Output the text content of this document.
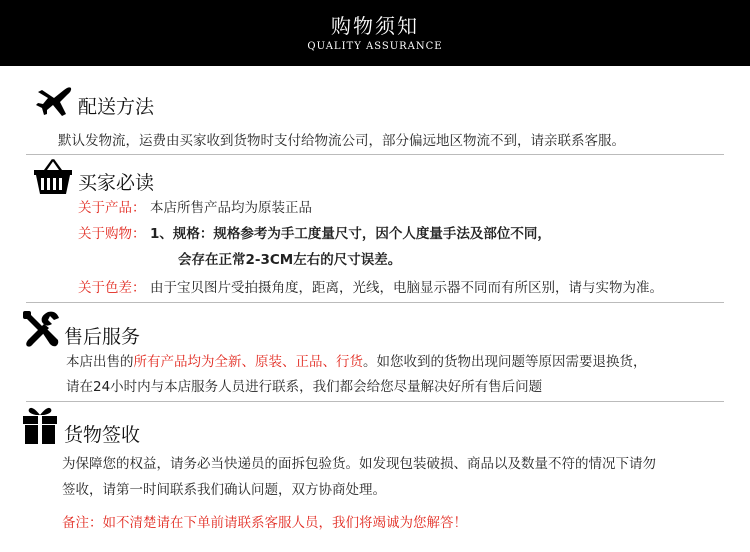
购物须知
QUALITY ASSURANCE
配送方法
默认发物流，运费由买家收到货物时支付给物流公司，部分偏远地区物流不到，请亲联系客服。
买家必读
关于产品： 本店所售产品均为原装正品
关于购物： 1、规格：规格参考为手工度量尺寸，因个人度量手法及部位不同，
会存在正常2-3CM左右的尺寸误差。
关于色差： 由于宝贝图片受拍摄角度，距离，光线，电脑显示器不同而有所区别，请与实物为准。
售后服务
本店出售的所有产品均为全新、原装、正品、行货。如您收到的货物出现问题等原因需要退换货，
请在24小时内与本店服务人员进行联系，我们都会给您尽量解决好所有售后问题
货物签收
为保障您的权益，请务必当快递员的面拆包验货。如发现包装破损、商品以及数量不符的情况下请勿
签收，请第一时间联系我们确认问题，双方协商处理。
备注：如不清楚请在下单前请联系客服人员，我们将竭诚为您解答！
